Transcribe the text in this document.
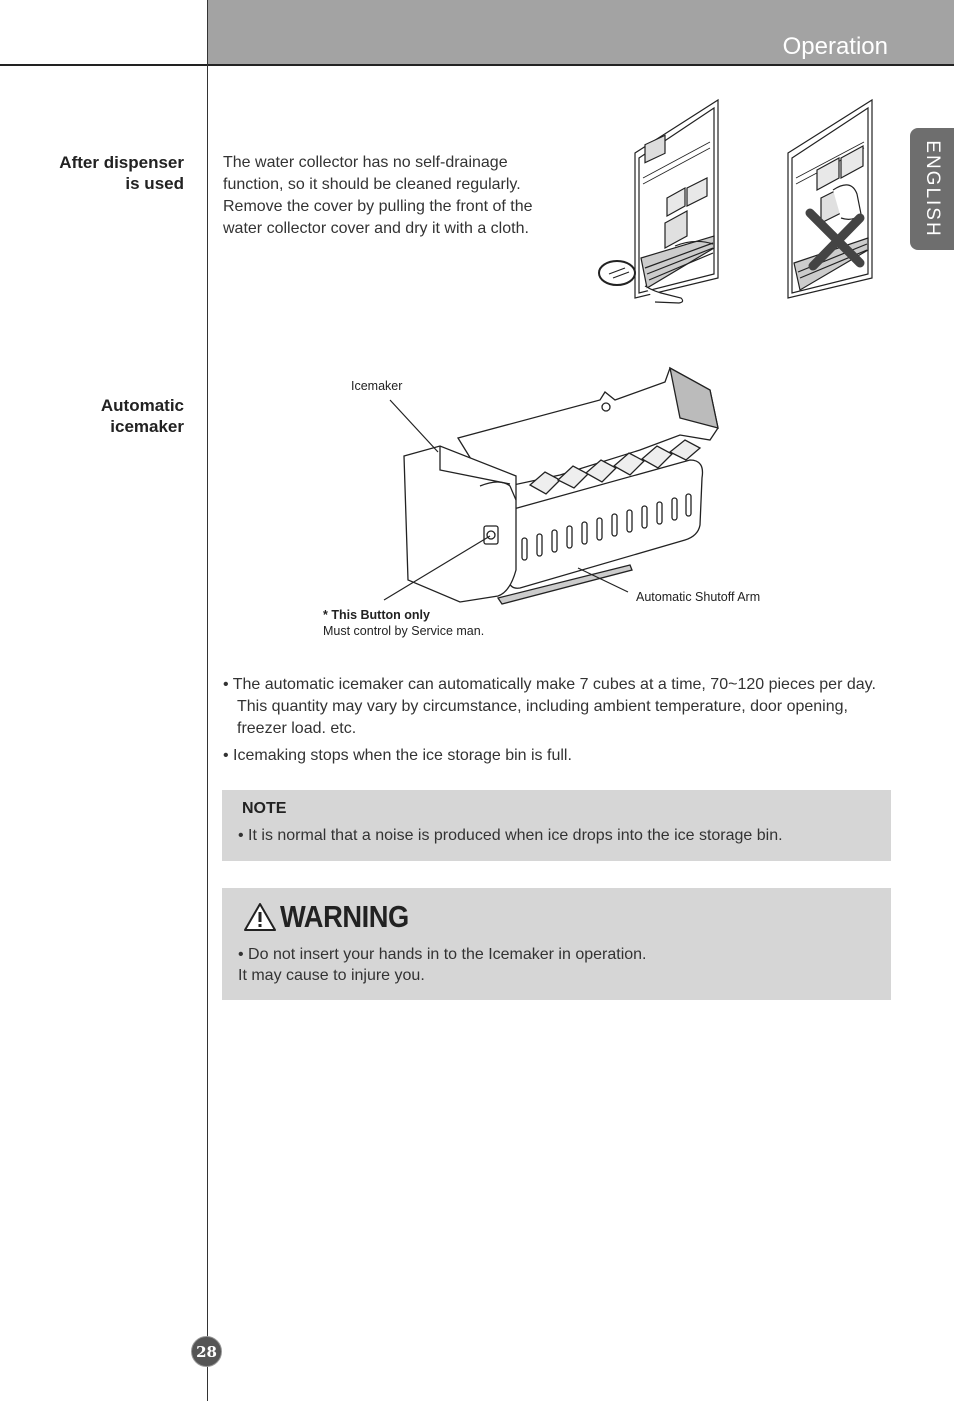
Operation
ENGLISH
After dispenser
is used
The water collector has no self-drainage
function, so it should be cleaned regularly.
Remove the cover by pulling the front of the
water collector cover and dry it with a cloth.
Automatic
icemaker
Icemaker
* This Button only
Must control by Service man.
Automatic Shutoff Arm
• The automatic icemaker can automatically make 7 cubes at a time, 70~120 pieces per day. This quantity may vary by circumstance, including ambient temperature, door opening, freezer load. etc.
• Icemaking stops when the ice storage bin is full.
NOTE
• It is normal that a noise is produced when ice drops into the ice storage bin.
WARNING
• Do not insert your hands in to the Icemaker in operation.
It may cause to injure you.
28
